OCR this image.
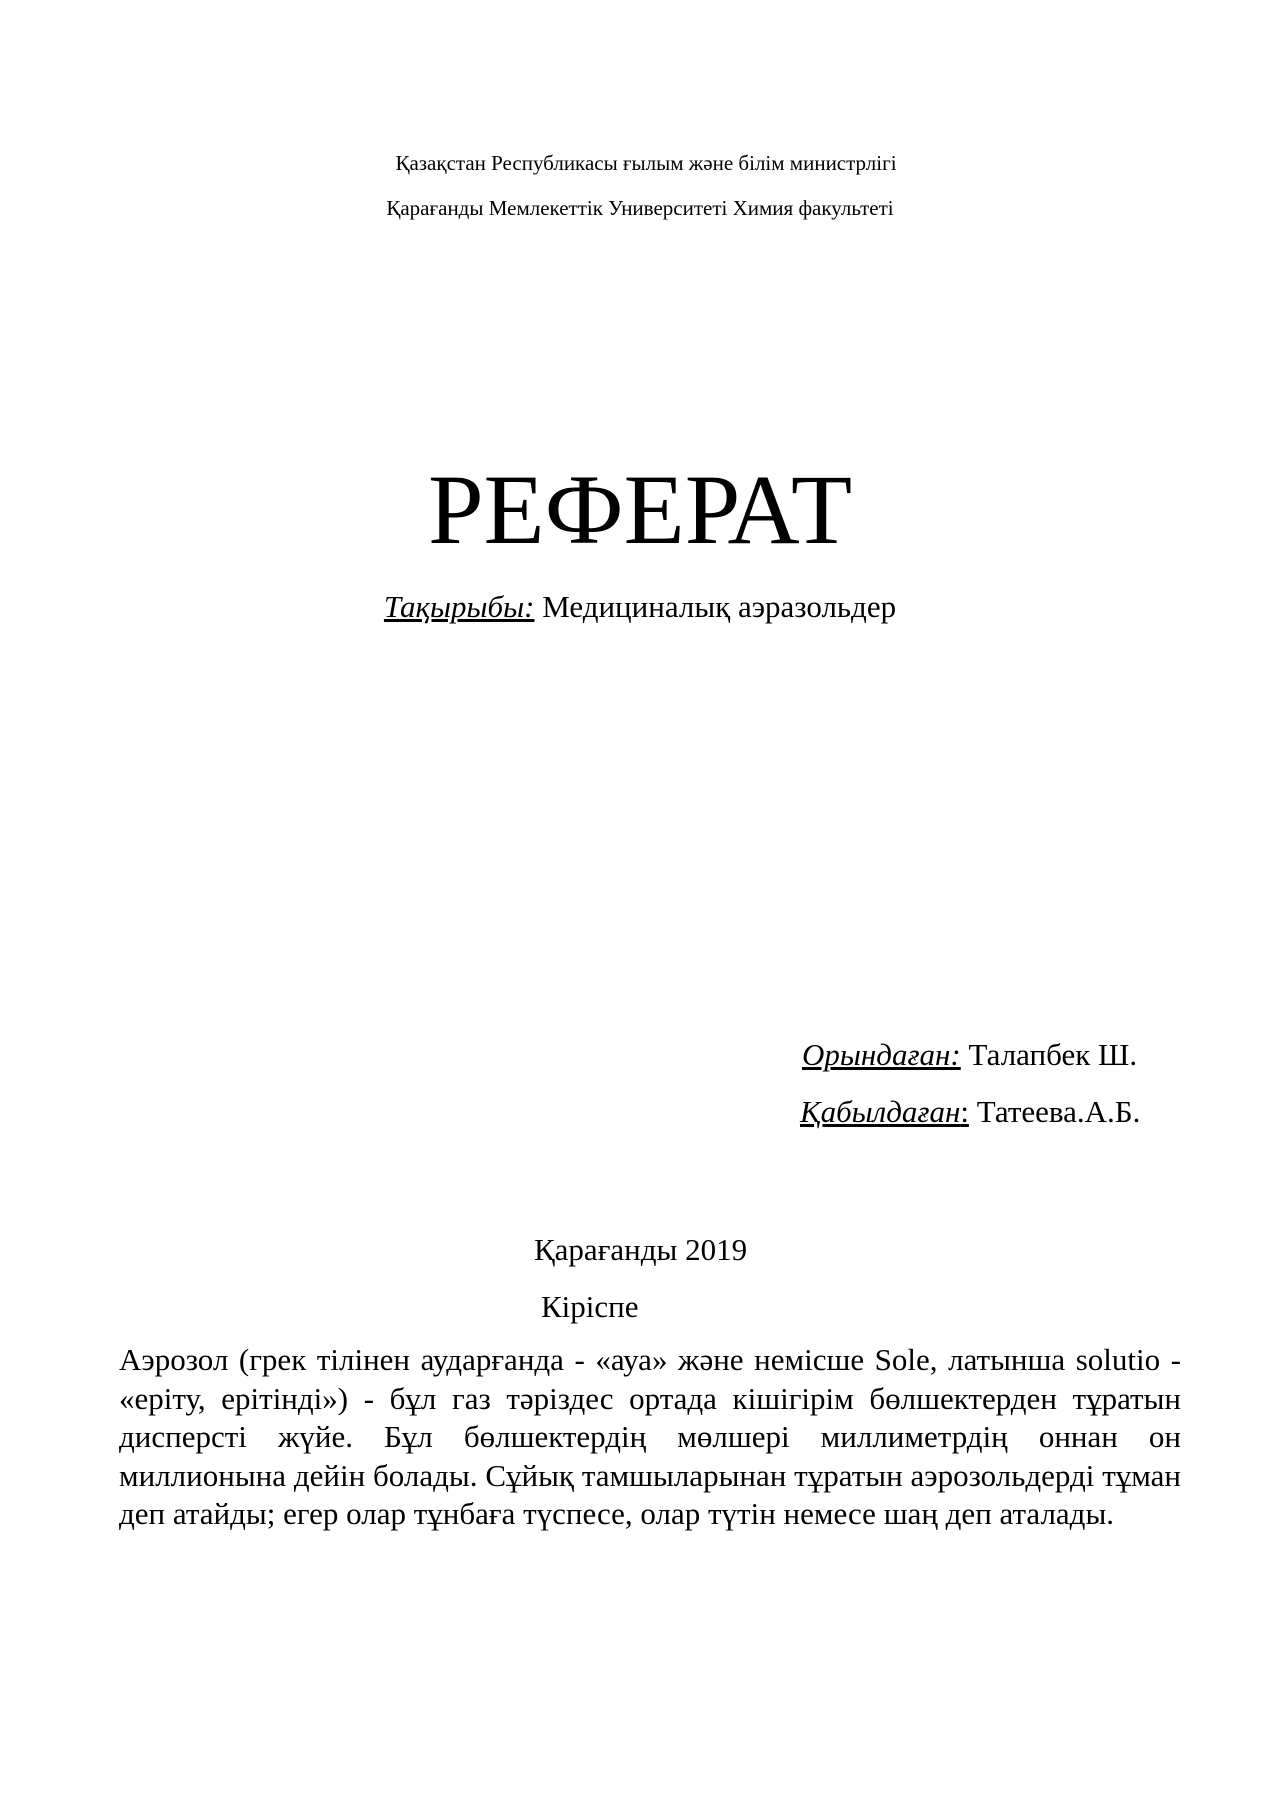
Қазақстан Республикасы ғылым және білім министрлігі
Қарағанды Мемлекеттік Университеті Химия факультеті
РЕФЕРАТ
Тақырыбы: Медициналық аэразольдер
Орындаған: Талапбек Ш.
Қабылдаған: Татеева.А.Б.
Қарағанды 2019
Кіріспе

Аэрозол (грек тілінен аударғанда - «ауа» және немісше Sole, латынша solutio - «еріту, ерітінді») - бұл газ тәріздес ортада кішігірім бөлшектерден тұратын дисперсті жүйе. Бұл бөлшектердің мөлшері миллиметрдің оннан он миллионына дейін болады. Сұйық тамшыларынан тұратын аэрозольдерді тұман деп атайды; егер олар тұнбаға түспесе, олар түтін немесе шаң деп аталады.
